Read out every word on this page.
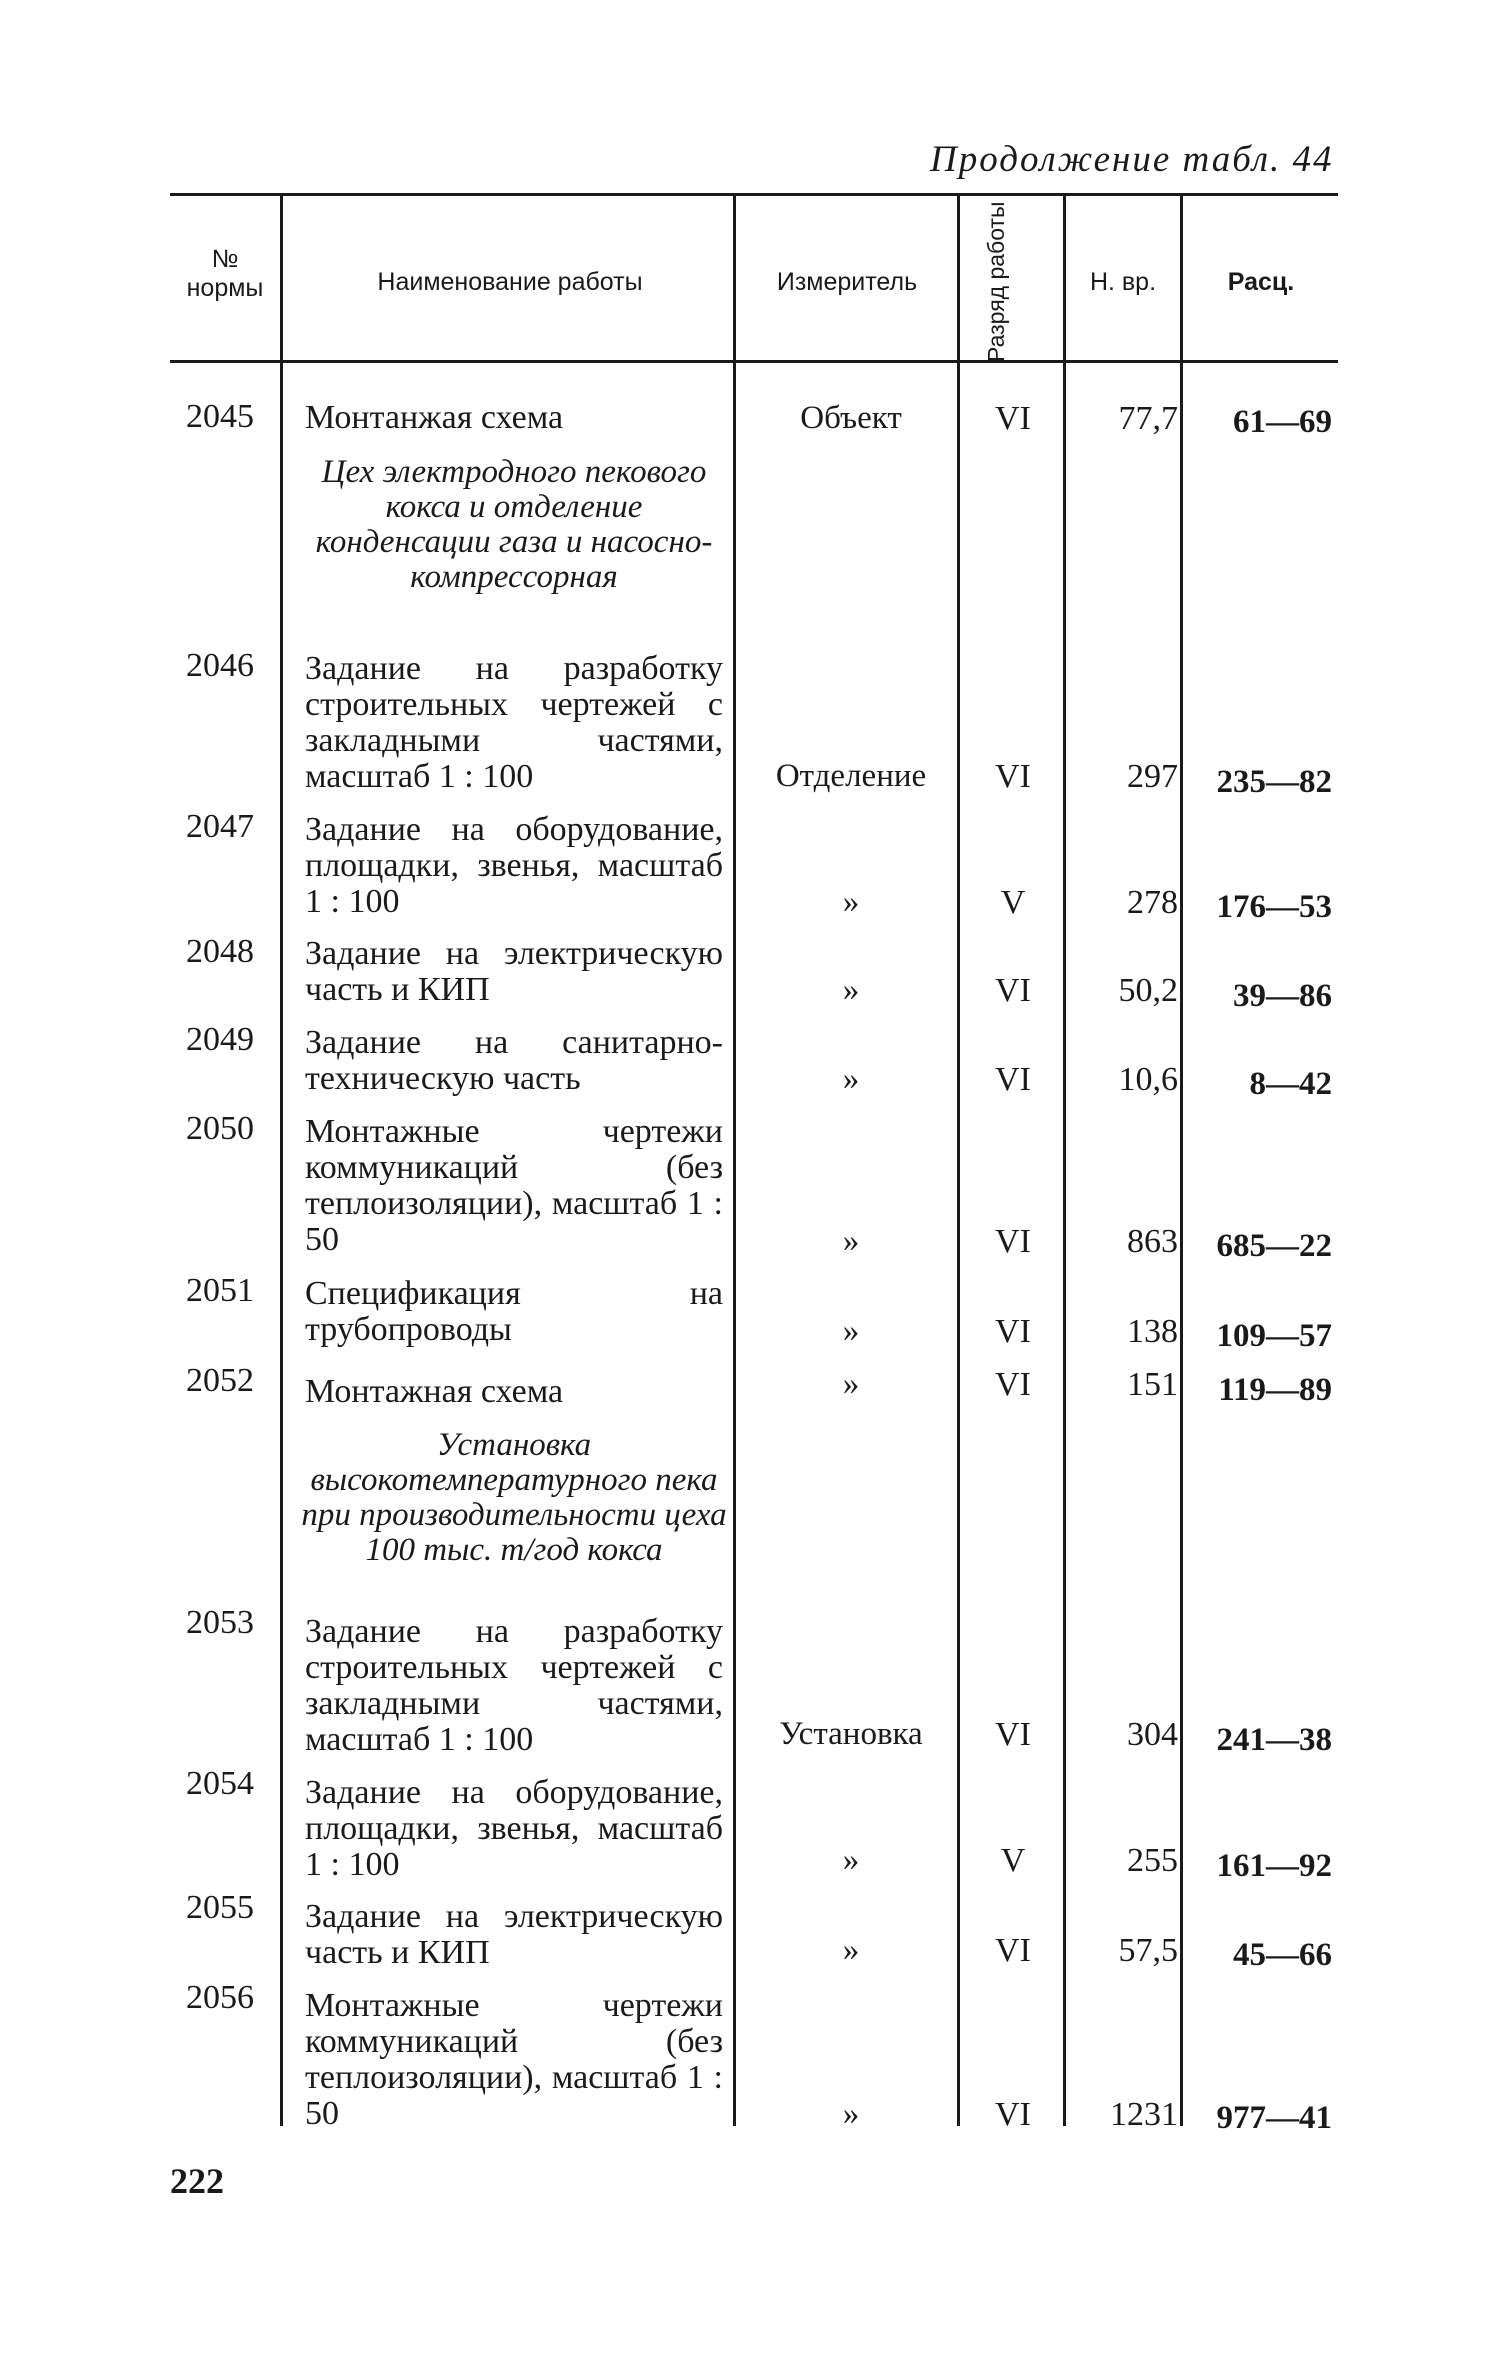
Продолжение табл. 44
№ нормы	Наименование работы	Измеритель	Разряд работы	Н. вр.	Расц.
2045	Монтанжая схема	Объект	VI	77,7	61—69
Цех электродного пекового кокса и отделение конденсации газа и насосно-компрессорная
2046	Задание на разработку строительных чертежей с закладными частями, масштаб 1 : 100	Отделение	VI	297	235—82
2047	Задание на оборудование, площадки, звенья, масштаб 1 : 100	»	V	278	176—53
2048	Задание на электрическую часть и КИП	»	VI	50,2	39—86
2049	Задание на санитарно-техническую часть	»	VI	10,6	8—42
2050	Монтажные чертежи коммуникаций (без теплоизоляции), масштаб 1 : 50	»	VI	863	685—22
2051	Спецификация на трубопроводы	»	VI	138	109—57
2052	Монтажная схема	»	VI	151	119—89
Установка высокотемпературного пека при производительности цеха 100 тыс. т/год кокса
2053	Задание на разработку строительных чертежей с закладными частями, масштаб 1 : 100	Установка	VI	304	241—38
2054	Задание на оборудование, площадки, звенья, масштаб 1 : 100	»	V	255	161—92
2055	Задание на электрическую часть и КИП	»	VI	57,5	45—66
2056	Монтажные чертежи коммуникаций (без теплоизоляции), масштаб 1 : 50	»	VI	1231	977—41
222
